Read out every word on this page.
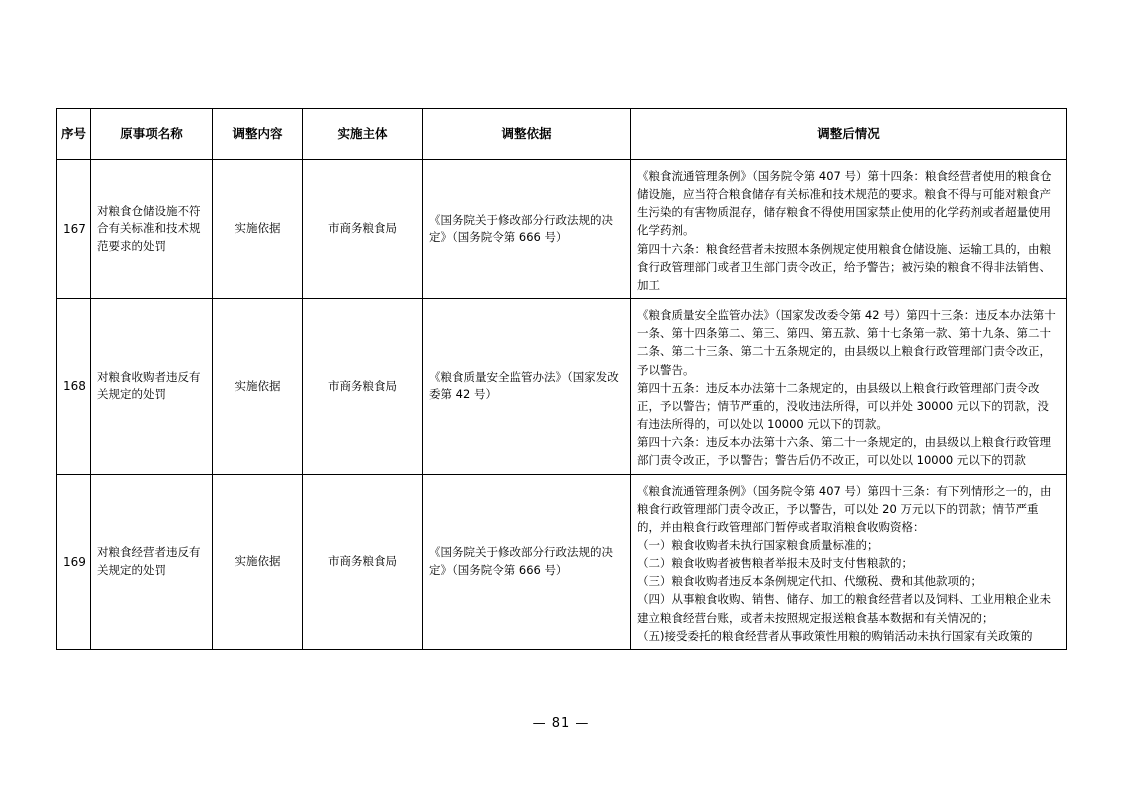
序号	原事项名称	调整内容	实施主体	调整依据	调整后情况
167	对粮食仓储设施不符合有关标准和技术规范要求的处罚	实施依据	市商务粮食局	《国务院关于修改部分行政法规的决定》（国务院令第 666 号）	《粮食流通管理条例》（国务院令第 407 号）第十四条：粮食经营者使用的粮食仓储设施，应当符合粮食储存有关标准和技术规范的要求。粮食不得与可能对粮食产生污染的有害物质混存，储存粮食不得使用国家禁止使用的化学药剂或者超量使用化学药剂。
第四十六条：粮食经营者未按照本条例规定使用粮食仓储设施、运输工具的，由粮食行政管理部门或者卫生部门责令改正，给予警告；被污染的粮食不得非法销售、加工

168	对粮食收购者违反有关规定的处罚	实施依据	市商务粮食局	《粮食质量安全监管办法》（国家发改委第 42 号）	《粮食质量安全监管办法》（国家发改委令第 42 号）第四十三条：违反本办法第十一条、第十四条第二、第三、第四、第五款、第十七条第一款、第十九条、第二十二条、第二十三条、第二十五条规定的，由县级以上粮食行政管理部门责令改正，予以警告。
第四十五条：违反本办法第十二条规定的，由县级以上粮食行政管理部门责令改正，予以警告；情节严重的，没收违法所得，可以并处 30000 元以下的罚款，没有违法所得的，可以处以 10000 元以下的罚款。
第四十六条：违反本办法第十六条、第二十一条规定的，由县级以上粮食行政管理部门责令改正，予以警告；警告后仍不改正，可以处以 10000 元以下的罚款

169	对粮食经营者违反有关规定的处罚	实施依据	市商务粮食局	《国务院关于修改部分行政法规的决定》（国务院令第 666 号）	
《粮食流通管理条例》（国务院令第 407 号）第四十三条：有下列情形之一的，由粮食行政管理部门责令改正，予以警告，可以处 20 万元以下的罚款；情节严重的，并由粮食行政管理部门暂停或者取消粮食收购资格：
（一）粮食收购者未执行国家粮食质量标准的；
（二）粮食收购者被售粮者举报未及时支付售粮款的；
（三）粮食收购者违反本条例规定代扣、代缴税、费和其他款项的；
（四）从事粮食收购、销售、储存、加工的粮食经营者以及饲料、工业用粮企业未建立粮食经营台账，或者未按照规定报送粮食基本数据和有关情况的；
（五)接受委托的粮食经营者从事政策性用粮的购销活动未执行国家有关政策的
— 81 —
